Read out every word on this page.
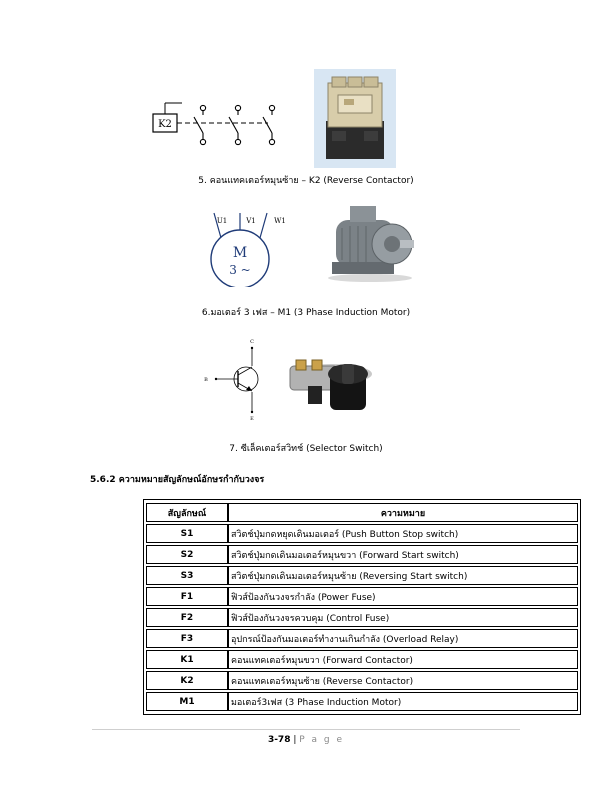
K2
5. คอนแทคเตอร์หมุนซ้าย – K2 (Reverse Contactor)
U1	V1	W1
M
3 ~
6.มอเตอร์ 3 เฟส – M1 (3 Phase Induction Motor)
C
B
E
7. ซีเล็คเตอร์สวิทช์ (Selector Switch)
5.6.2 ความหมายสัญลักษณ์อักษรกำกับวงจร
สัญลักษณ์	ความหมาย
S1	สวิตช์ปุ่มกดหยุดเดินมอเตอร์ (Push Button Stop switch)
S2	สวิตช์ปุ่มกดเดินมอเตอร์หมุนขวา (Forward Start switch)
S3	สวิตช์ปุ่มกดเดินมอเตอร์หมุนซ้าย (Reversing Start switch)
F1	ฟิวส์ป้องกันวงจรกำลัง (Power Fuse)
F2	ฟิวส์ป้องกันวงจรควบคุม (Control Fuse)
F3	อุปกรณ์ป้องกันมอเตอร์ทำงานเกินกำลัง (Overload Relay)
K1	คอนแทคเตอร์หมุนขวา (Forward Contactor)
K2	คอนแทคเตอร์หมุนซ้าย (Reverse Contactor)
M1	มอเตอร์3เฟส (3 Phase Induction Motor)
3-78 | P a g e
